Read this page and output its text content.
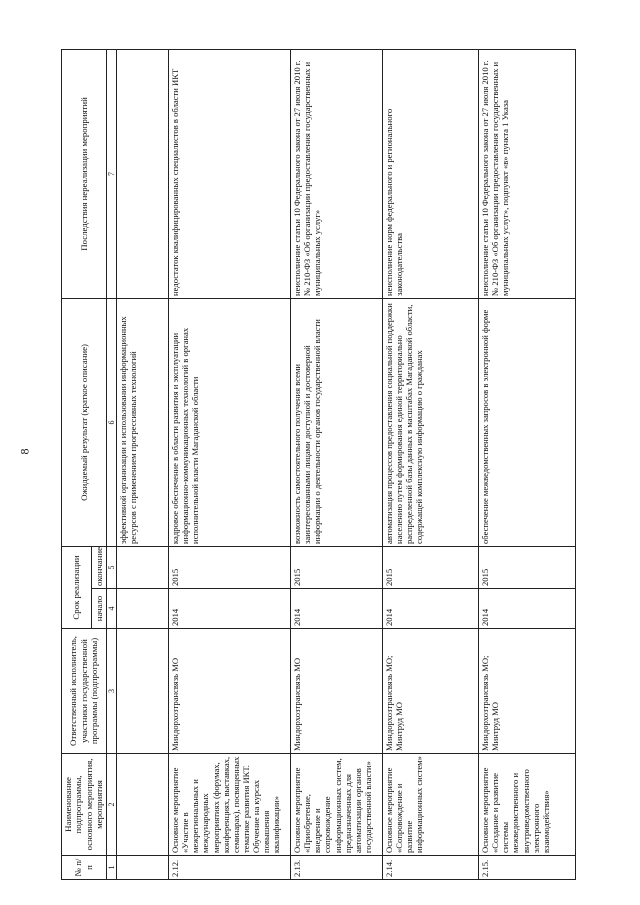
8
№ п/п	Наименование подпрограммы, основного мероприятия, мероприятия	Ответственный исполнитель, участники государственной программы (подпрограммы)	Срок реализации		Ожидаемый результат (краткое описание)	Последствия нереализации мероприятий
			начало	окончание		
1	2	3	4	5	6	7
					эффективной организации и использовании информационных ресурсов с применением прогрессивных технологий	
2.12.	Основное мероприятие «Участие в межрегиональных и международных мероприятиях (форумах, конференциях, выставках, семинарах), посвященных тематике развития ИКТ. Обучение на курсах повышения квалификации»	Миндорхозтрансвязь МО	2014	2015	кадровое обеспечение в области развития и эксплуатации информационно-коммуникационных технологий в органах исполнительной власти Магаданской области	недостаток квалифицированных специалистов в области ИКТ
2.13.	Основное мероприятие «Приобретение, внедрение и сопровождение информационных систем, предназначенных для автоматизации органов государственной власти»	Миндорхозтрансвязь МО	2014	2015	возможность самостоятельного получения всеми заинтересованными лицами доступной и достоверной информации о деятельности органов государственной власти	неисполнение статьи 10 Федерального закона от 27 июля 2010 г. № 210-ФЗ «Об организации предоставления государственных и муниципальных услуг»
2.14.	Основное мероприятие «Сопровождение и развитие информационных систем»	Миндорхозтрансвязь МО; Минтруд МО	2014	2015	автоматизация процессов предоставления социальной поддержки населению путем формирования единой территориально распределенной базы данных в масштабах Магаданской области, содержащей комплексную информацию о гражданах	неисполнение норм федерального и регионального законодательства
2.15.	Основное мероприятие «Создание и развитие системы межведомственного и внутриведомственного электронного взаимодействия»	Миндорхозтрансвязь МО; Минтруд МО	2014	2015	обеспечение межведомственных запросов в электронной форме	неисполнение статьи 10 Федерального закона от 27 июля 2010 г. № 210-ФЗ «Об организации предоставления государственных и муниципальных услуг», подпункт «в» пункта 1 Указа
